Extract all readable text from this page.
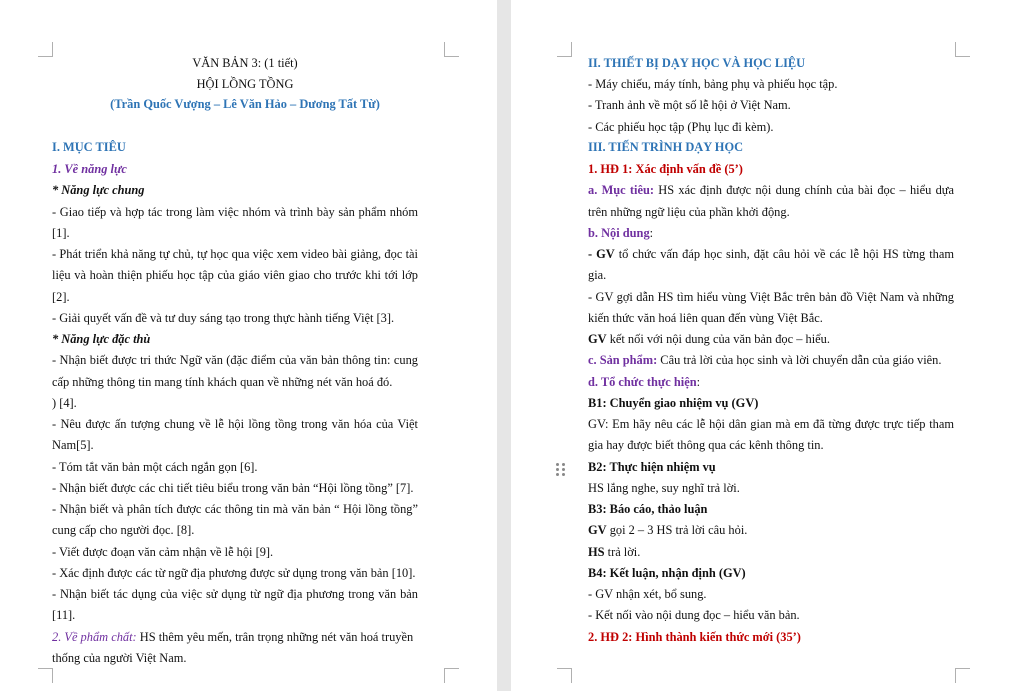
VĂN BẢN 3: (1 tiết)
HỘI LỒNG TỒNG
(Trần Quốc Vượng – Lê Văn Hảo – Dương Tất Từ)
I. MỤC TIÊU
1. Về năng lực
* Năng lực chung
- Giao tiếp và hợp tác trong làm việc nhóm và trình bày sản phẩm nhóm
[1].
- Phát triển khả năng tự chủ, tự học qua việc xem video bài giảng, đọc tài
liệu và hoàn thiện phiếu học tập của giáo viên giao cho trước khi tới lớp
[2].
- Giải quyết vấn đề và tư duy sáng tạo trong thực hành tiếng Việt [3].
* Năng lực đặc thù
- Nhận biết được tri thức Ngữ văn (đặc điểm của văn bản thông tin: cung
cấp những thông tin mang tính khách quan về những nét văn hoá đó.
) [4].
- Nêu được ấn tượng chung về lễ hội lồng tồng trong văn hóa của Việt
Nam[5].
- Tóm tắt văn bản một cách ngắn gọn [6].
- Nhận biết được các chi tiết tiêu biểu trong văn bản “Hội lồng tồng” [7].
- Nhận biết và phân tích được các thông tin mà văn bản “ Hội lồng tồng”
cung cấp cho người đọc. [8].
- Viết được đoạn văn cảm nhận về lễ hội [9].
- Xác định được các từ ngữ địa phương được sử dụng trong văn bản [10].
- Nhận biết tác dụng của việc sử dụng từ ngữ địa phương trong văn bản
[11].
2. Về phẩm chất: HS thêm yêu mến, trân trọng những nét văn hoá truyền
thống của người Việt Nam.
II. THIẾT BỊ DẠY HỌC VÀ HỌC LIỆU
- Máy chiếu, máy tính, bảng phụ và phiếu học tập.
- Tranh ảnh về một số lễ hội ở Việt Nam.
- Các phiếu học tập (Phụ lục đi kèm).
III. TIẾN TRÌNH DẠY HỌC
1. HĐ 1: Xác định vấn đề (5’)
a. Mục tiêu: HS xác định được nội dung chính của bài đọc – hiểu dựa
trên những ngữ liệu của phần khởi động.
b. Nội dung:
- GV tổ chức vấn đáp học sinh, đặt câu hỏi về các lễ hội HS từng tham
gia.
- GV gợi dẫn HS tìm hiểu vùng Việt Bắc trên bản đồ Việt Nam và những
kiến thức văn hoá liên quan đến vùng Việt Bắc.
GV kết nối với nội dung của văn bản đọc – hiểu.
c. Sản phẩm: Câu trả lời của học sinh và lời chuyển dẫn của giáo viên.
d. Tổ chức thực hiện:
B1: Chuyển giao nhiệm vụ (GV)
GV: Em hãy nêu các lễ hội dân gian mà em đã từng được trực tiếp tham
gia hay được biết thông qua các kênh thông tin.
B2: Thực hiện nhiệm vụ
HS lắng nghe, suy nghĩ trả lời.
B3: Báo cáo, thảo luận
GV gọi 2 – 3 HS trả lời câu hỏi.
HS trả lời.
B4: Kết luận, nhận định (GV)
- GV nhận xét, bổ sung.
- Kết nối vào nội dung đọc – hiểu văn bản.
2. HĐ 2: Hình thành kiến thức mới (35’)
